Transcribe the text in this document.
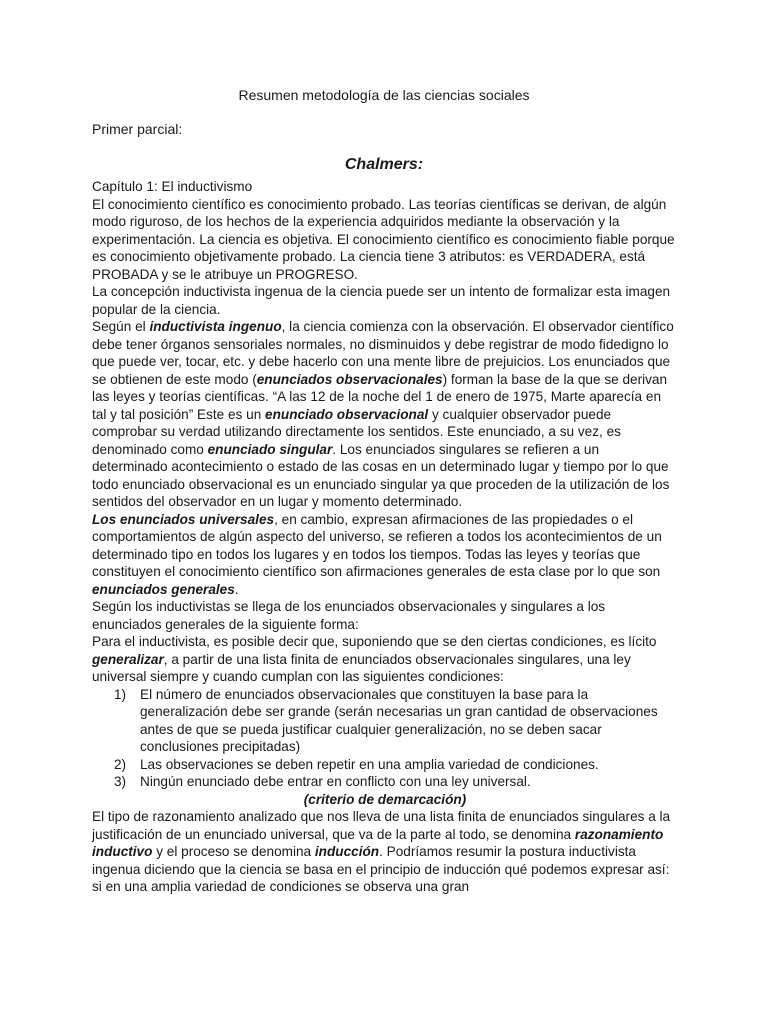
Resumen metodología de las ciencias sociales
Primer parcial:
Chalmers:

Capítulo 1: El inductivismo

El conocimiento científico es conocimiento probado. Las teorías científicas se derivan, de algún modo riguroso, de los hechos de la experiencia adquiridos mediante la observación y la experimentación. La ciencia es objetiva. El conocimiento científico es conocimiento fiable porque es conocimiento objetivamente probado. La ciencia tiene 3 atributos: es VERDADERA, está PROBADA y se le atribuye un PROGRESO.

La concepción inductivista ingenua de la ciencia puede ser un intento de formalizar esta imagen popular de la ciencia.

Según el inductivista ingenuo, la ciencia comienza con la observación. El observador científico debe tener órganos sensoriales normales, no disminuidos y debe registrar de modo fidedigno lo que puede ver, tocar, etc. y debe hacerlo con una mente libre de prejuicios. Los enunciados que se obtienen de este modo (enunciados observacionales) forman la base de la que se derivan las leyes y teorías científicas. “A las 12 de la noche del 1 de enero de 1975, Marte aparecía en tal y tal posición” Este es un enunciado observacional y cualquier observador puede comprobar su verdad utilizando directamente los sentidos. Este enunciado, a su vez, es denominado como enunciado singular. Los enunciados singulares se refieren a un determinado acontecimiento o estado de las cosas en un determinado lugar y tiempo por lo que todo enunciado observacional es un enunciado singular ya que proceden de la utilización de los sentidos del observador en un lugar y momento determinado.

Los enunciados universales, en cambio, expresan afirmaciones de las propiedades o el comportamientos de algún aspecto del universo, se refieren a todos los acontecimientos de un determinado tipo en todos los lugares y en todos los tiempos. Todas las leyes y teorías que constituyen el conocimiento científico son afirmaciones generales de esta clase por lo que son enunciados generales.

Según los inductivistas se llega de los enunciados observacionales y singulares a los enunciados generales de la siguiente forma:

Para el inductivista, es posible decir que, suponiendo que se den ciertas condiciones, es lícito generalizar, a partir de una lista finita de enunciados observacionales singulares, una ley universal siempre y cuando cumplan con las siguientes condiciones:

1) El número de enunciados observacionales que constituyen la base para la generalización debe ser grande (serán necesarias un gran cantidad de observaciones antes de que se pueda justificar cualquier generalización, no se deben sacar conclusiones precipitadas)
2) Las observaciones se deben repetir en una amplia variedad de condiciones.
3) Ningún enunciado debe entrar en conflicto con una ley universal.

(criterio de demarcación)

El tipo de razonamiento analizado que nos lleva de una lista finita de enunciados singulares a la justificación de un enunciado universal, que va de la parte al todo, se denomina razonamiento inductivo y el proceso se denomina inducción. Podríamos resumir la postura inductivista ingenua diciendo que la ciencia se basa en el principio de inducción qué podemos expresar así: si en una amplia variedad de condiciones se observa una gran
